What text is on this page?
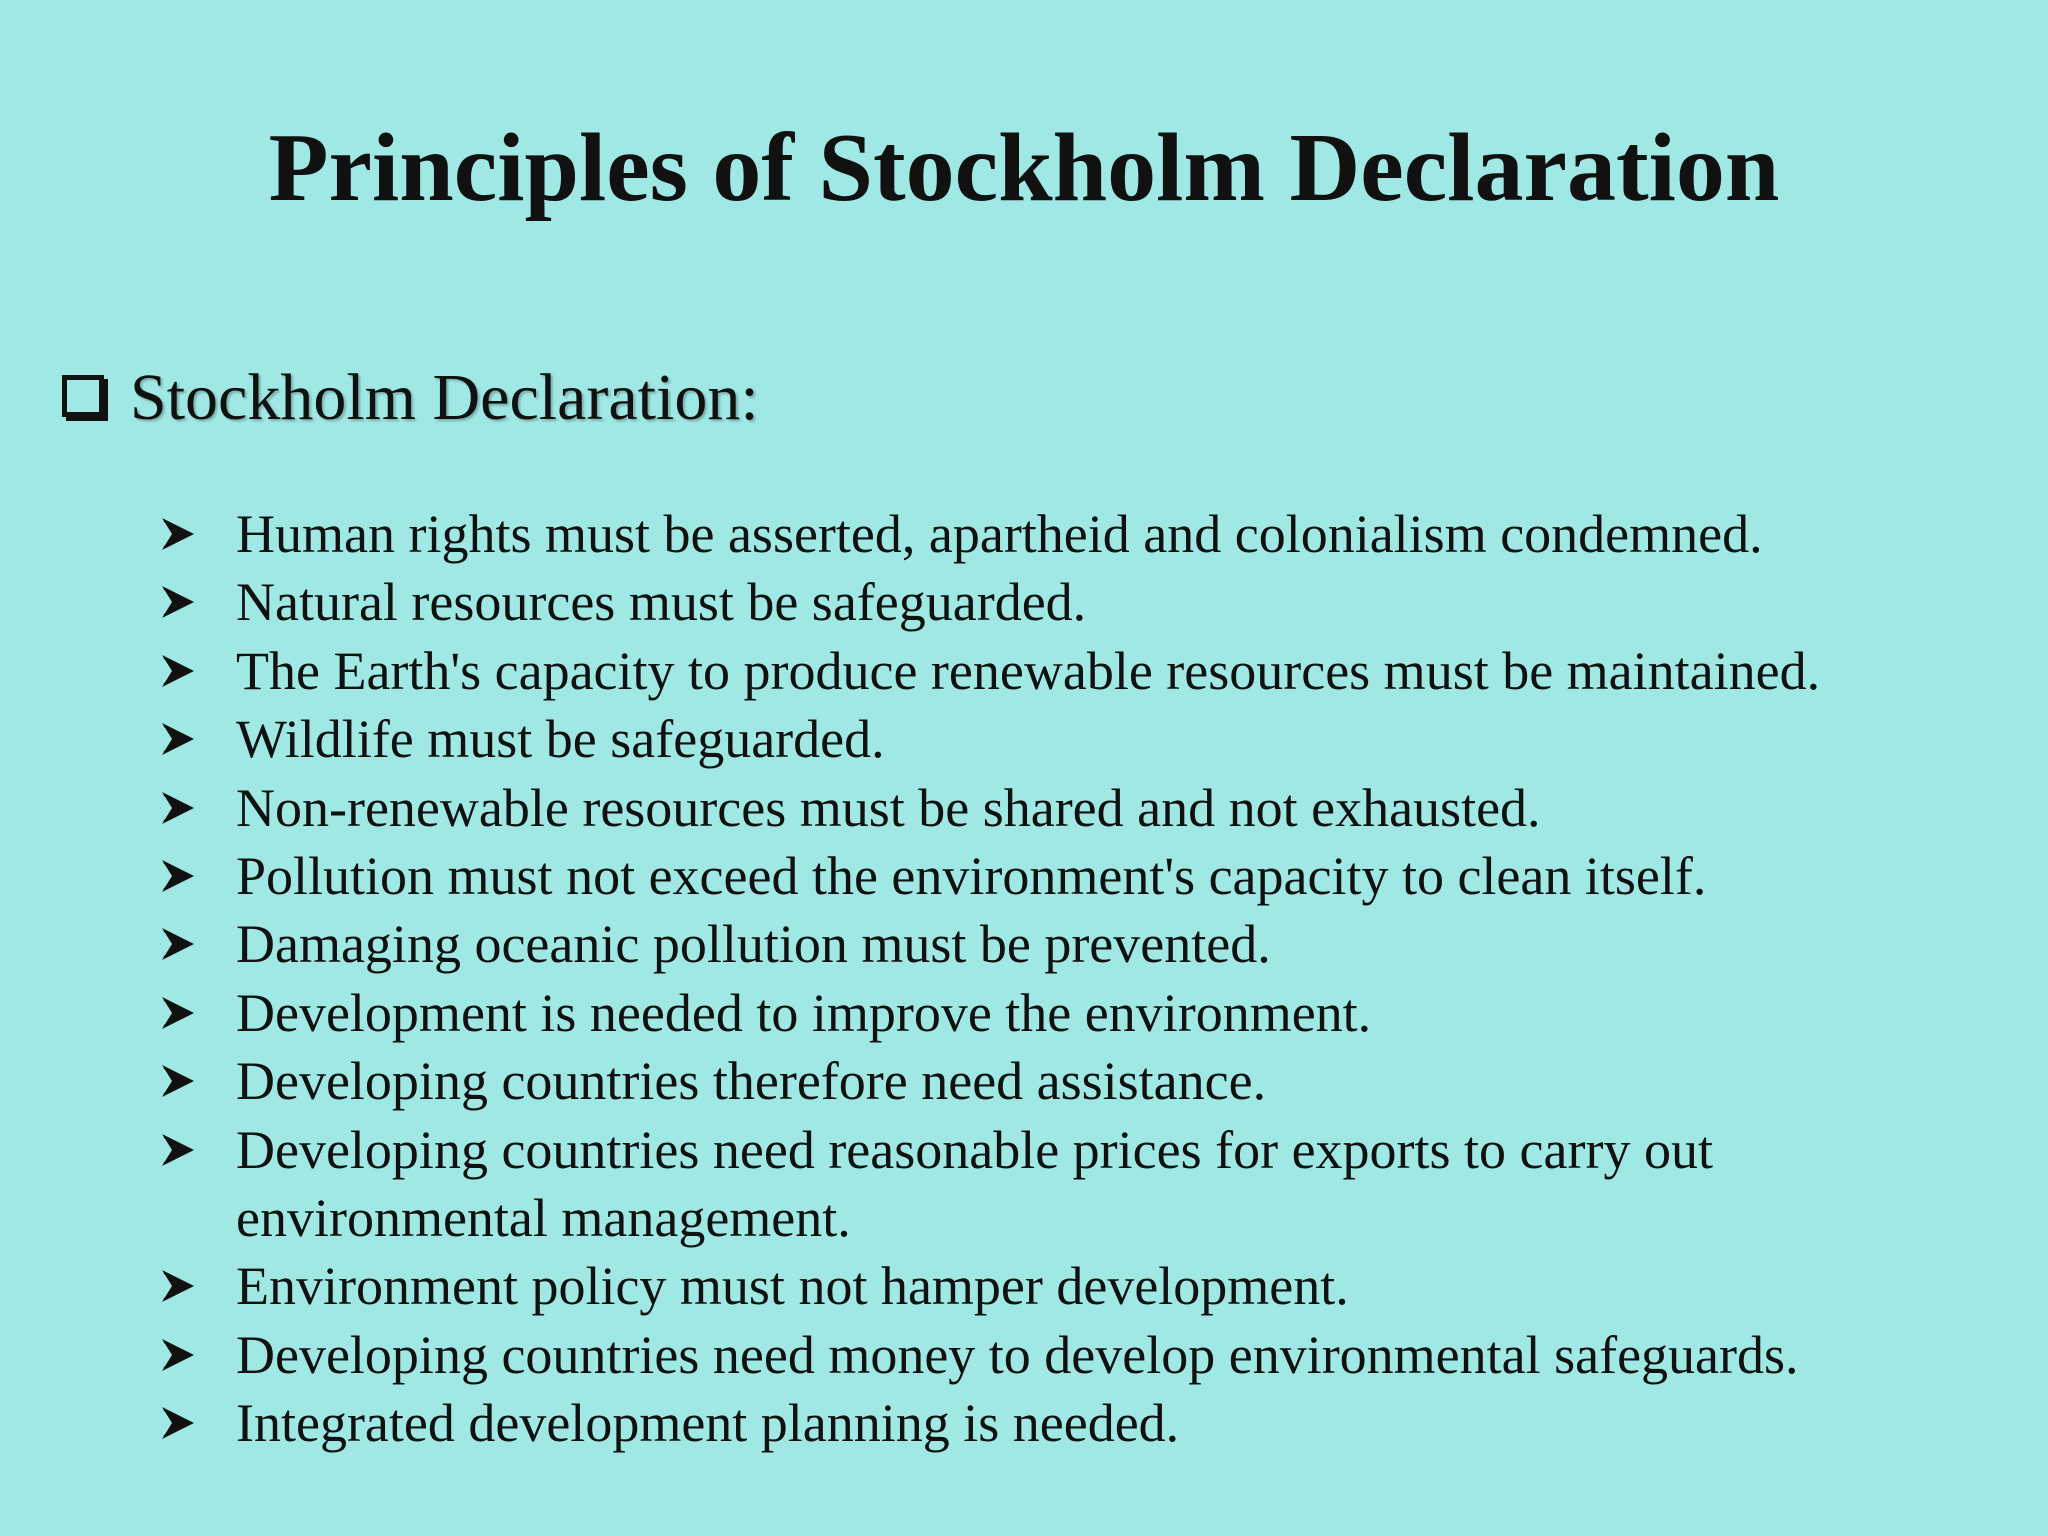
Principles of Stockholm Declaration
Stockholm Declaration:
Human rights must be asserted, apartheid and colonialism condemned.
Natural resources must be safeguarded.
The Earth's capacity to produce renewable resources must be maintained.
Wildlife must be safeguarded.
Non-renewable resources must be shared and not exhausted.
Pollution must not exceed the environment's capacity to clean itself.
Damaging oceanic pollution must be prevented.
Development is needed to improve the environment.
Developing countries therefore need assistance.
Developing countries need reasonable prices for exports to carry out environmental management.
Environment policy must not hamper development.
Developing countries need money to develop environmental safeguards.
Integrated development planning is needed.
